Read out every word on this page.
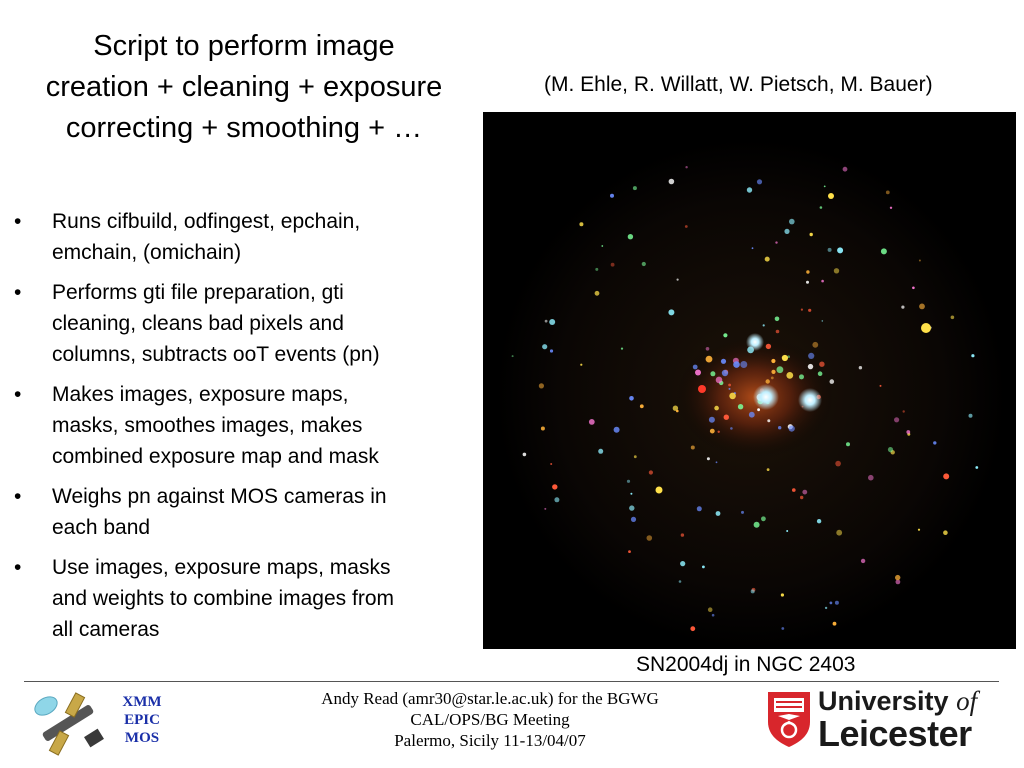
Script to perform image
creation + cleaning + exposure
correcting + smoothing + …
(M. Ehle, R. Willatt, W. Pietsch, M. Bauer)
•	Runs cifbuild, odfingest, epchain,
emchain, (omichain)
•	Performs gti file preparation, gti
cleaning, cleans bad pixels and
columns, subtracts ooT events (pn)
•	Makes images, exposure maps,
masks, smoothes images, makes
combined exposure map and mask
•	Weighs pn against MOS cameras in
each band
•	Use images, exposure maps, masks
and weights to combine images from
all cameras
SN2004dj in NGC 2403
XMM
EPIC
MOS
Andy Read (amr30@star.le.ac.uk) for the BGWG
CAL/OPS/BG Meeting
Palermo, Sicily 11-13/04/07
University of
Leicester
